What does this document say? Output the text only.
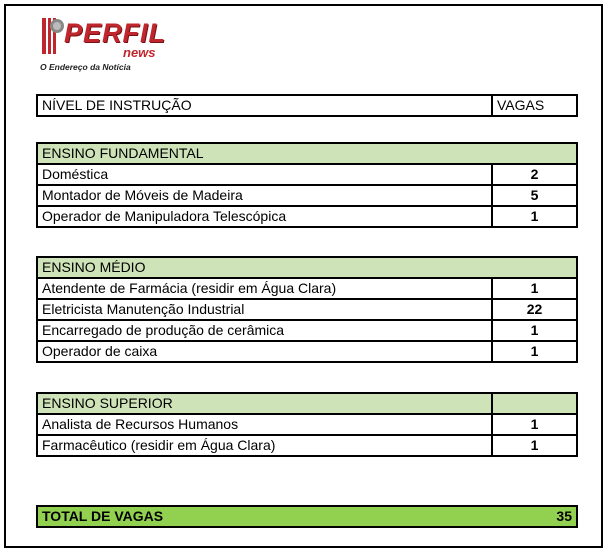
PERFIL
news
O Endereço da Notícia
NÍVEL DE INSTRUÇÃO	VAGAS
ENSINO FUNDAMENTAL	
Doméstica	2
Montador de Móveis de Madeira	5
Operador de Manipuladora Telescópica	1
ENSINO MÉDIO	
Atendente de Farmácia (residir em Água Clara)	1
Eletricista Manutenção Industrial	22
Encarregado de produção de cerâmica	1
Operador de caixa	1
ENSINO SUPERIOR	
Analista de Recursos Humanos	1
Farmacêutico (residir em Água Clara)	1
TOTAL DE VAGAS	35
